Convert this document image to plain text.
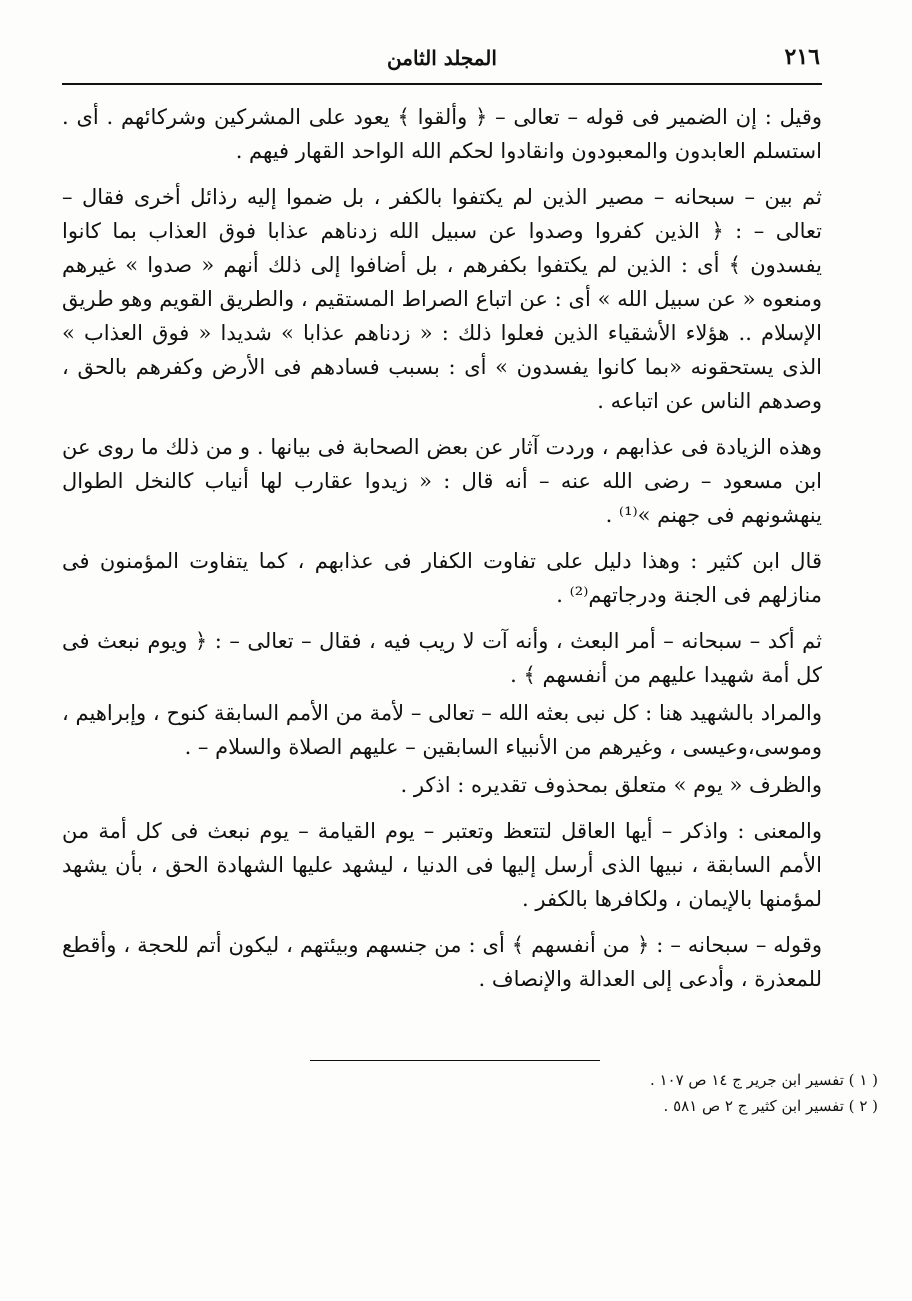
٢١٦
المجلد الثامن

وقيل : إن الضمير فى قوله – تعالى – ﴿ وألقوا ﴾ يعود على المشركين وشركائهم . أى . استسلم العابدون والمعبودون وانقادوا لحكم الله الواحد القهار فيهم .

ثم بين – سبحانه – مصير الذين لم يكتفوا بالكفر ، بل ضموا إليه رذائل أخرى فقال – تعالى – : ﴿ الذين كفروا وصدوا عن سبيل الله زدناهم عذابا فوق العذاب بما كانوا يفسدون ﴾ أى : الذين لم يكتفوا بكفرهم ، بل أضافوا إلى ذلك أنهم « صدوا » غيرهم ومنعوه « عن سبيل الله » أى : عن اتباع الصراط المستقيم ، والطريق القويم وهو طريق الإسلام .. هؤلاء الأشقياء الذين فعلوا ذلك : « زدناهم عذابا » شديدا « فوق العذاب » الذى يستحقونه «بما كانوا يفسدون » أى : بسبب فسادهم فى الأرض وكفرهم بالحق ، وصدهم الناس عن اتباعه .

وهذه الزيادة فى عذابهم ، وردت آثار عن بعض الصحابة فى بيانها . و من ذلك ما روى عن ابن مسعود – رضى الله عنه – أنه قال : « زيدوا عقارب لها أنياب كالنخل الطوال ينهشونهم فى جهنم »⁽¹⁾ .

قال ابن كثير : وهذا دليل على تفاوت الكفار فى عذابهم ، كما يتفاوت المؤمنون فى منازلهم فى الجنة ودرجاتهم⁽²⁾ .

ثم أكد – سبحانه – أمر البعث ، وأنه آت لا ريب فيه ، فقال – تعالى – : ﴿ ويوم نبعث فى كل أمة شهيدا عليهم من أنفسهم ﴾ .

والمراد بالشهيد هنا : كل نبى بعثه الله – تعالى – لأمة من الأمم السابقة كنوح ، وإبراهيم ، وموسى،وعيسى ، وغيرهم من الأنبياء السابقين – عليهم الصلاة والسلام – .

والظرف « يوم » متعلق بمحذوف تقديره : اذكر .

والمعنى : واذكر – أيها العاقل لتتعظ وتعتبر – يوم القيامة – يوم نبعث فى كل أمة من الأمم السابقة ، نبيها الذى أرسل إليها فى الدنيا ، ليشهد عليها الشهادة الحق ، بأن يشهد لمؤمنها بالإيمان ، ولكافرها بالكفر .

وقوله – سبحانه – : ﴿ من أنفسهم ﴾ أى : من جنسهم وبيئتهم ، ليكون أتم للحجة ، وأقطع للمعذرة ، وأدعى إلى العدالة والإنصاف .

( ١ ) تفسير ابن جرير ج ١٤ ص ١٠٧ .
( ٢ ) تفسير ابن كثير ج ٢ ص ٥٨١ .
